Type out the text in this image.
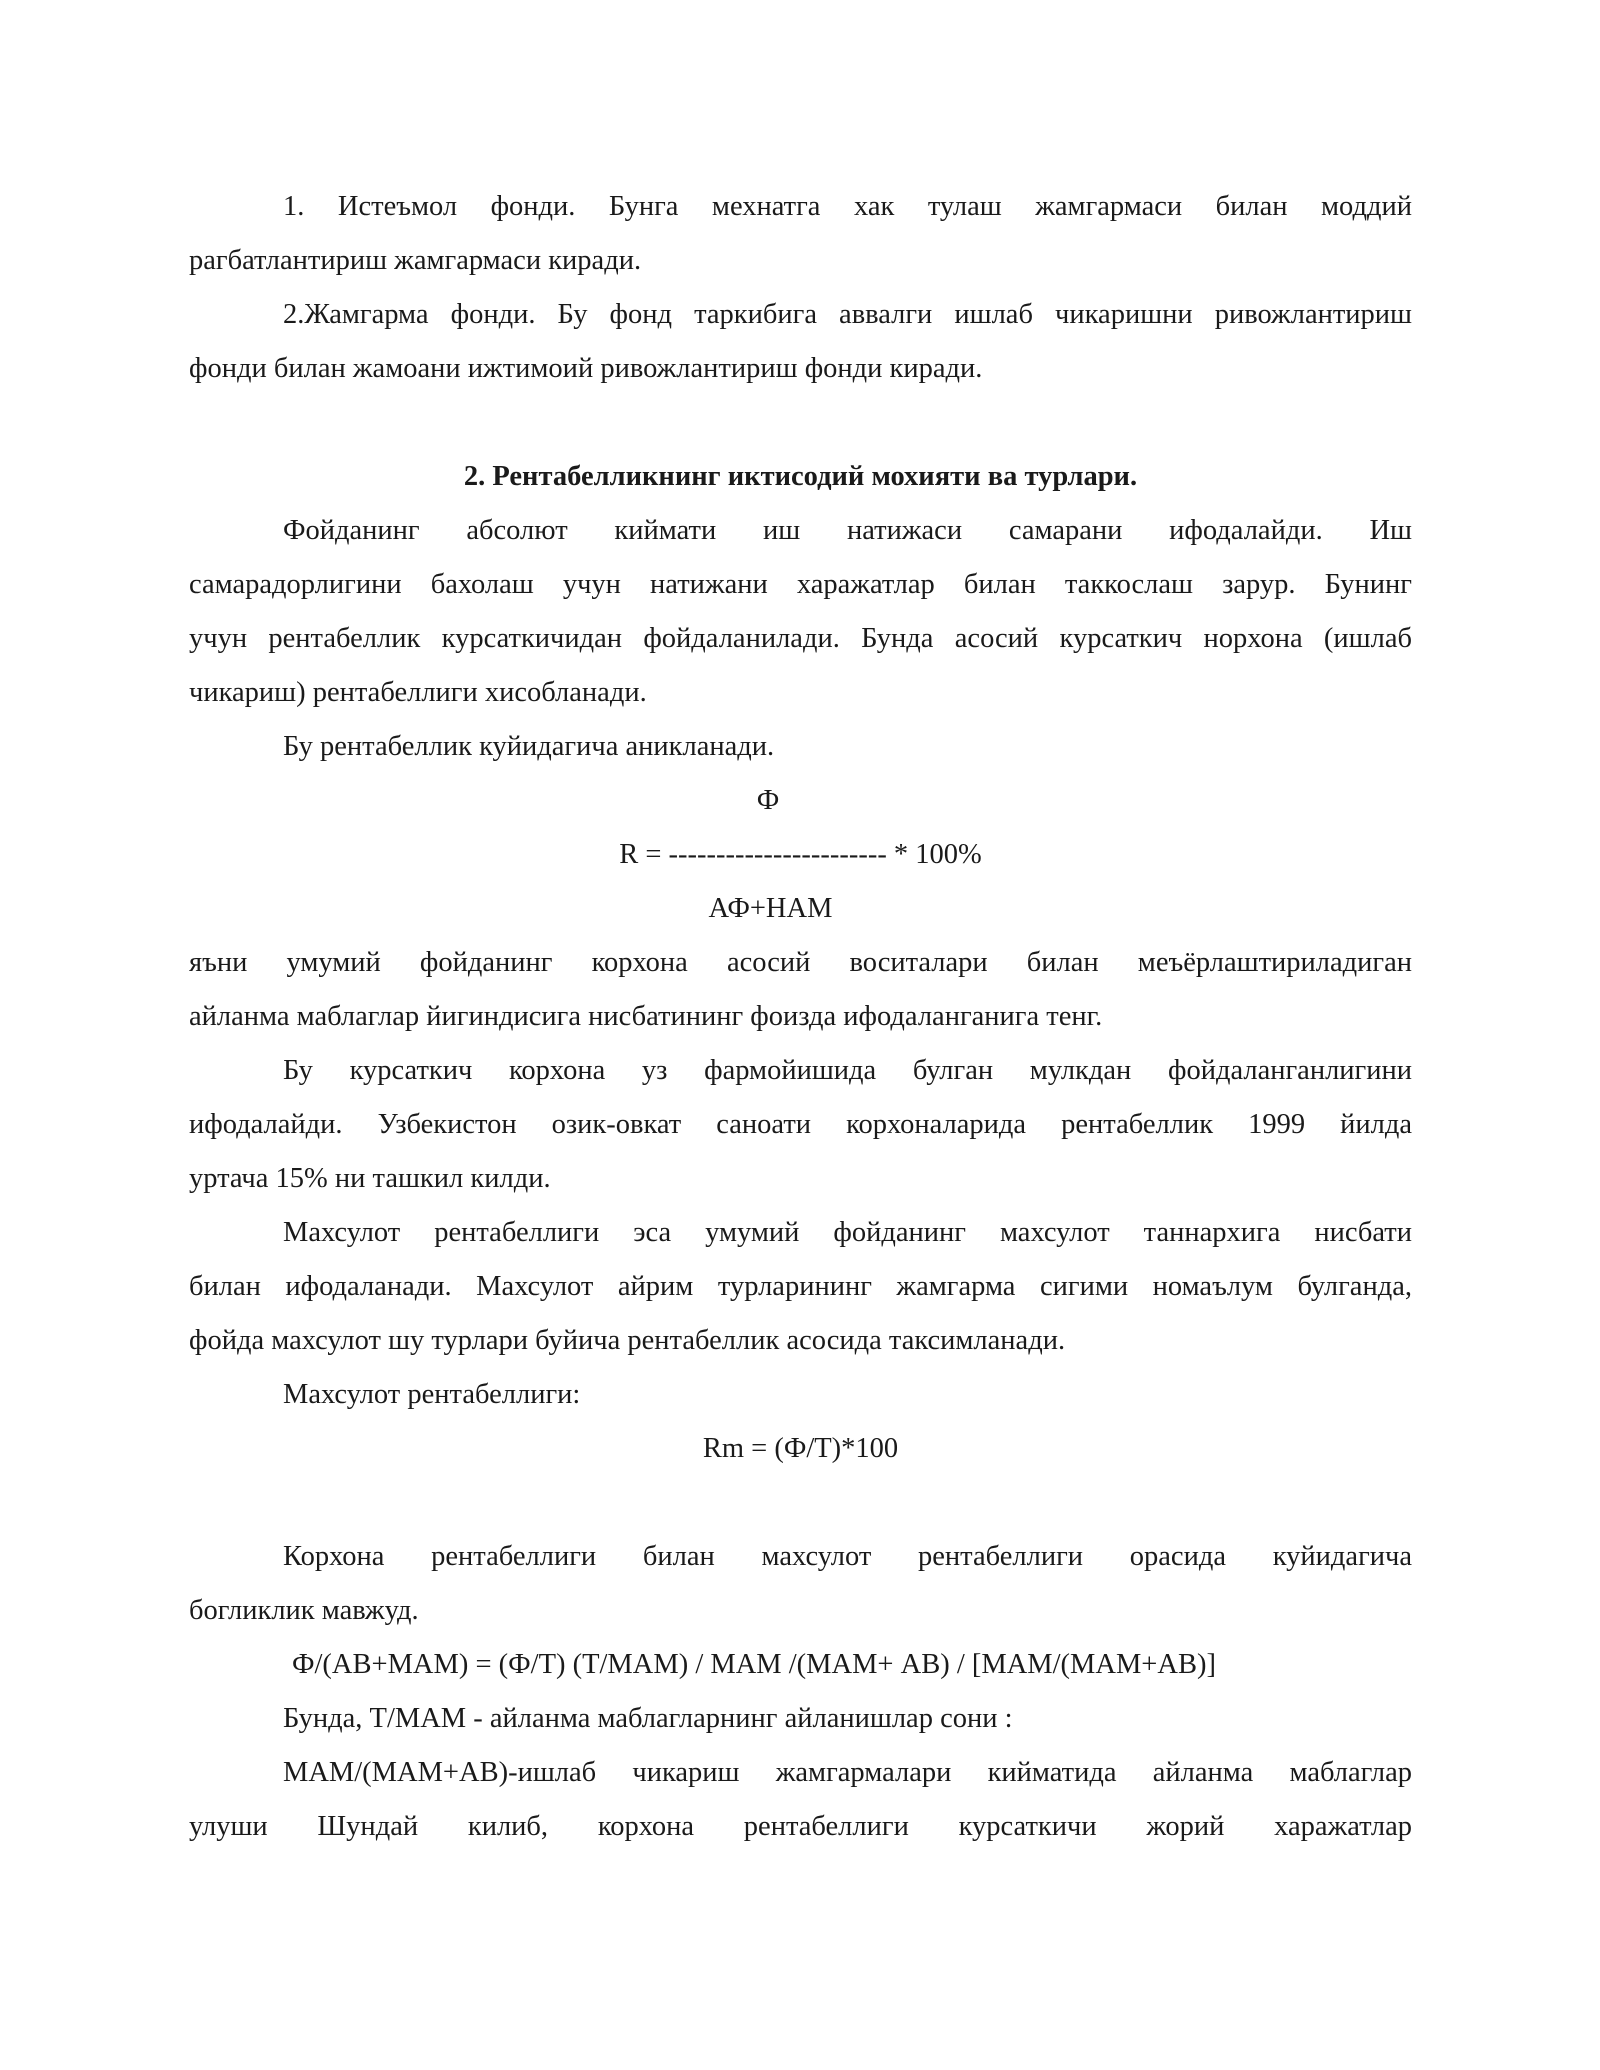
1. Истеъмол фонди. Бунга мехнатга хак тулаш жамгармаси билан моддий
рагбатлантириш жамгармаси киради.
2.Жамгарма фонди. Бу фонд таркибига аввалги ишлаб чикаришни ривожлантириш
фонди билан жамоани ижтимоий ривожлантириш фонди киради.
2. Рентабелликнинг иктисодий мохияти ва турлари.
Фойданинг абсолют киймати иш натижаси самарани ифодалайди. Иш
самарадорлигини бахолаш учун натижани харажатлар билан таккослаш зарур. Бунинг
учун рентабеллик курсаткичидан фойдаланилади. Бунда асосий курсаткич норхона (ишлаб
чикариш) рентабеллиги хисобланади.
Бу рентабеллик куйидагича аникланади.
Ф
R = ----------------------- * 100%
АФ+НАМ
яъни умумий фойданинг корхона асосий воситалари билан меъёрлаштириладиган
айланма маблаглар йигиндисига нисбатининг фоизда ифодаланганига тенг.
Бу курсаткич корхона уз фармойишида булган мулкдан фойдаланганлигини
ифодалайди. Узбекистон озик-овкат саноати корхоналарида рентабеллик 1999 йилда
уртача 15% ни ташкил килди.
Махсулот рентабеллиги эса умумий фойданинг махсулот таннархига нисбати
билан ифодаланади. Махсулот айрим турларининг жамгарма сигими номаълум булганда,
фойда махсулот шу турлари буйича рентабеллик асосида таксимланади.
Махсулот рентабеллиги:
Rm = (Ф/Т)*100
Корхона рентабеллиги билан махсулот рентабеллиги орасида куйидагича
богликлик мавжуд.
Ф/(АВ+МАМ) = (Ф/Т) (Т/МАМ) / МАМ /(МАМ+ АВ) / [МАМ/(МАМ+АВ)]
Бунда, Т/МАМ - айланма маблагларнинг айланишлар сони :
МАМ/(МАМ+АВ)-ишлаб чикариш жамгармалари кийматида айланма маблаглар
улуши Шундай килиб, корхона рентабеллиги курсаткичи жорий харажатлар
